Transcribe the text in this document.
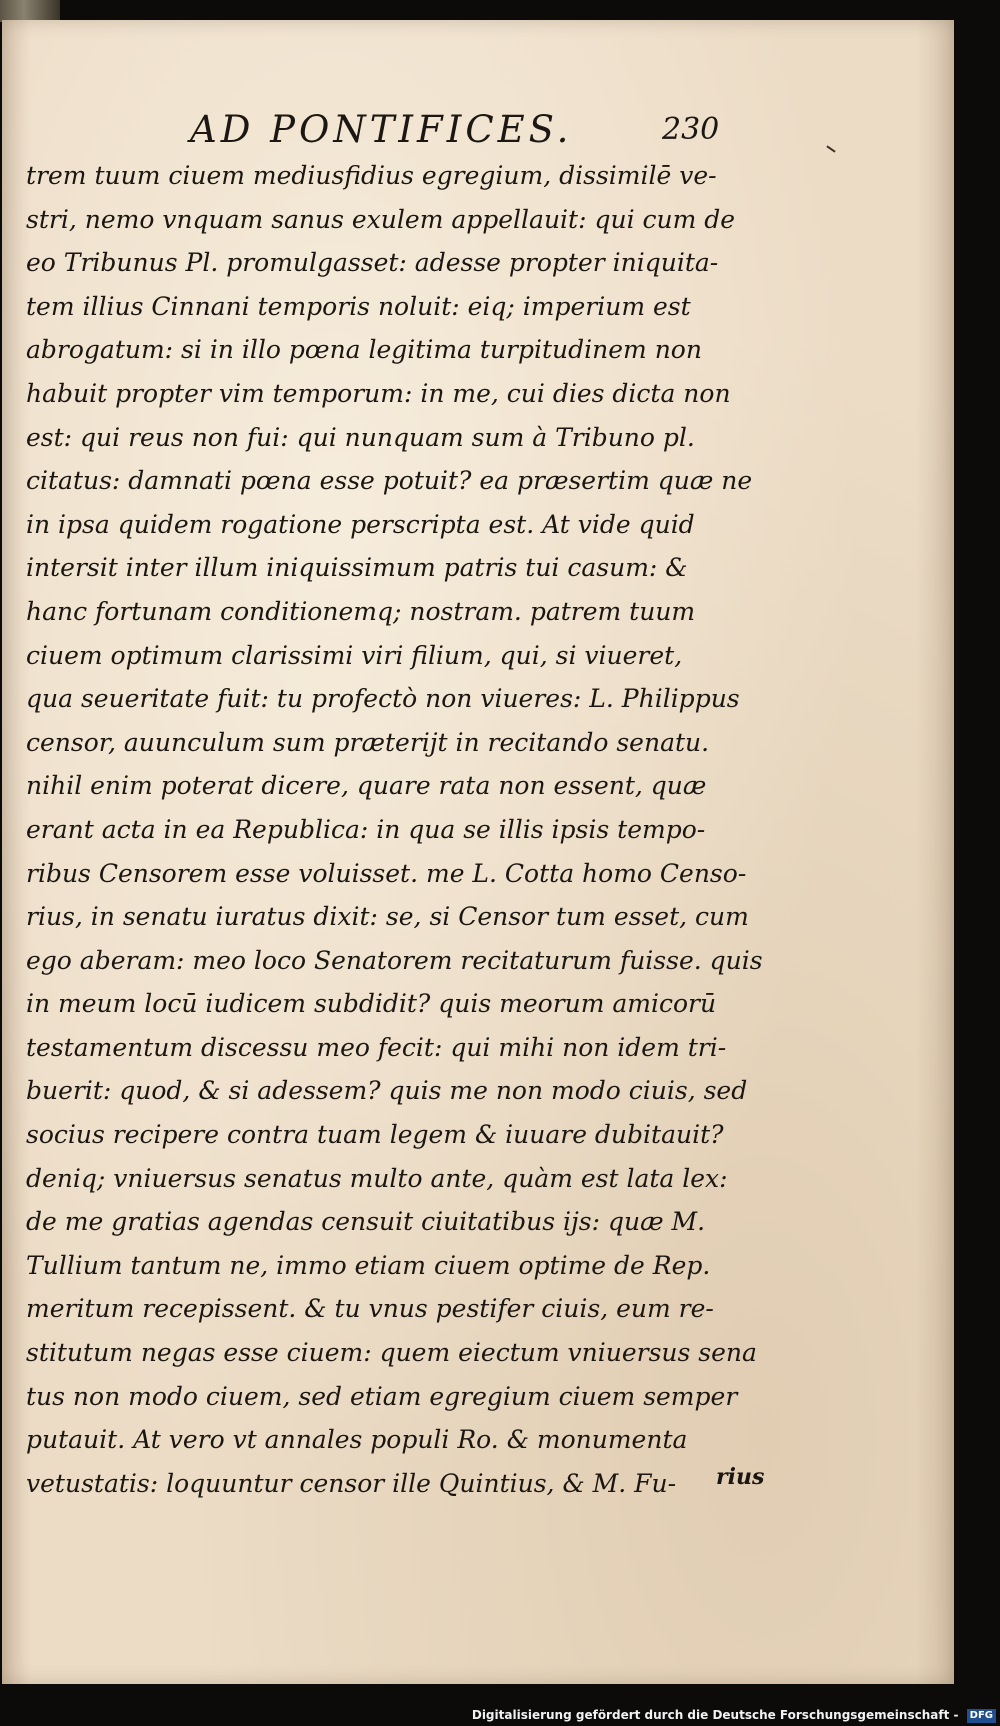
AD PONTIFICES.	230
trem tuum ciuem mediusfidius egregium, dissimilē ve-
stri, nemo vnquam sanus exulem appellauit: qui cum de
eo Tribunus Pl. promulgasset: adesse propter iniquita-
tem illius Cinnani temporis noluit: eiq; imperium est
abrogatum: si in illo pœna legitima turpitudinem non
habuit propter vim temporum: in me, cui dies dicta non
est: qui reus non fui: qui nunquam sum à Tribuno pl.
citatus: damnati pœna esse potuit? ea præsertim quæ ne
in ipsa quidem rogatione perscripta est. At vide quid
intersit inter illum iniquissimum patris tui casum: &
hanc fortunam conditionemq; nostram. patrem tuum
ciuem optimum clarissimi viri filium, qui, si viueret,
qua seueritate fuit: tu profectò non viueres: L. Philippus
censor, auunculum sum præterijt in recitando senatu.
nihil enim poterat dicere, quare rata non essent, quæ
erant acta in ea Republica: in qua se illis ipsis tempo-
ribus Censorem esse voluisset. me L. Cotta homo Censo-
rius, in senatu iuratus dixit: se, si Censor tum esset, cum
ego aberam: meo loco Senatorem recitaturum fuisse. quis
in meum locū iudicem subdidit? quis meorum amicorū
testamentum discessu meo fecit: qui mihi non idem tri-
buerit: quod, & si adessem? quis me non modo ciuis, sed
socius recipere contra tuam legem & iuuare dubitauit?
deniq; vniuersus senatus multo ante, quàm est lata lex:
de me gratias agendas censuit ciuitatibus ijs: quæ M.
Tullium tantum ne, immo etiam ciuem optime de Rep.
meritum recepissent. & tu vnus pestifer ciuis, eum re-
stitutum negas esse ciuem: quem eiectum vniuersus sena
tus non modo ciuem, sed etiam egregium ciuem semper
putauit. At vero vt annales populi Ro. & monumenta
vetustatis: loquuntur censor ille Quintius, & M. Fu-	rius
Digitalisierung gefördert durch die Deutsche Forschungsgemeinschaft - DFG
